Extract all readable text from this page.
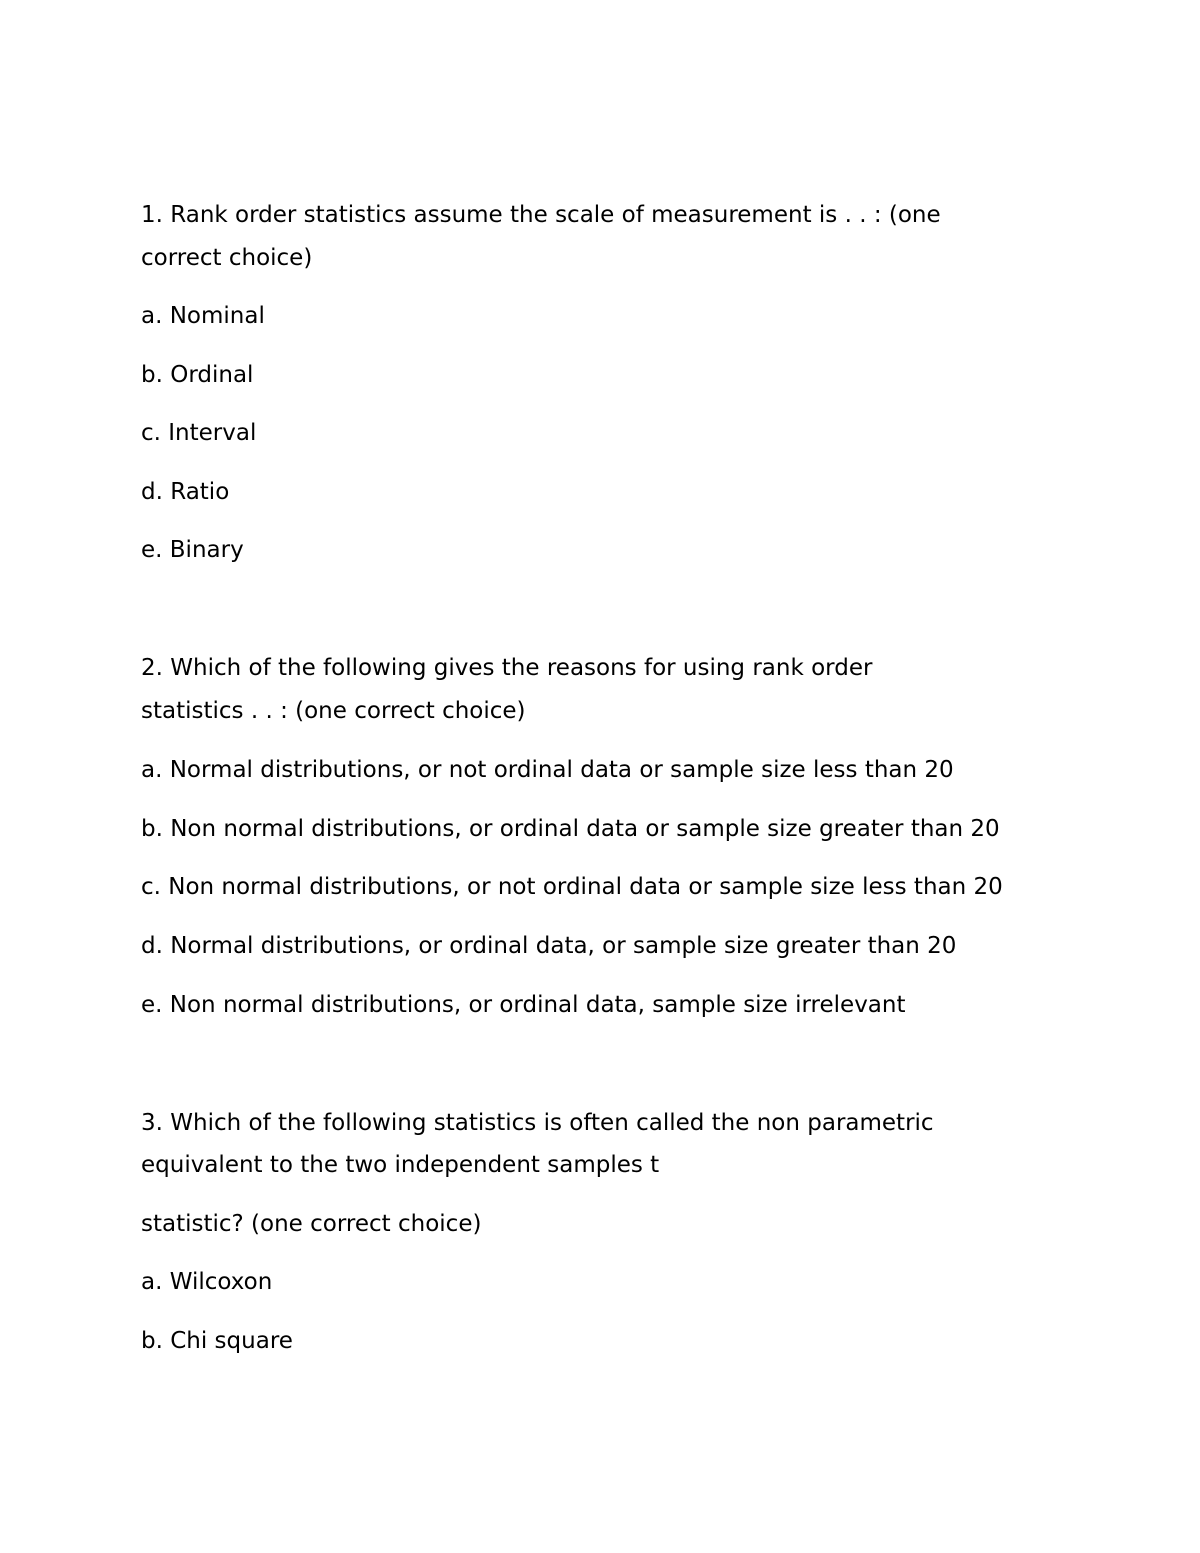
1. Rank order statistics assume the scale of measurement is . . : (one
correct choice)
a. Nominal
b. Ordinal
c. Interval
d. Ratio
e. Binary
2. Which of the following gives the reasons for using rank order
statistics . . : (one correct choice)
a. Normal distributions, or not ordinal data or sample size less than 20
b. Non normal distributions, or ordinal data or sample size greater than 20
c. Non normal distributions, or not ordinal data or sample size less than 20
d. Normal distributions, or ordinal data, or sample size greater than 20
e. Non normal distributions, or ordinal data, sample size irrelevant
3. Which of the following statistics is often called the non parametric
equivalent to the two independent samples t
statistic? (one correct choice)
a. Wilcoxon
b. Chi square
